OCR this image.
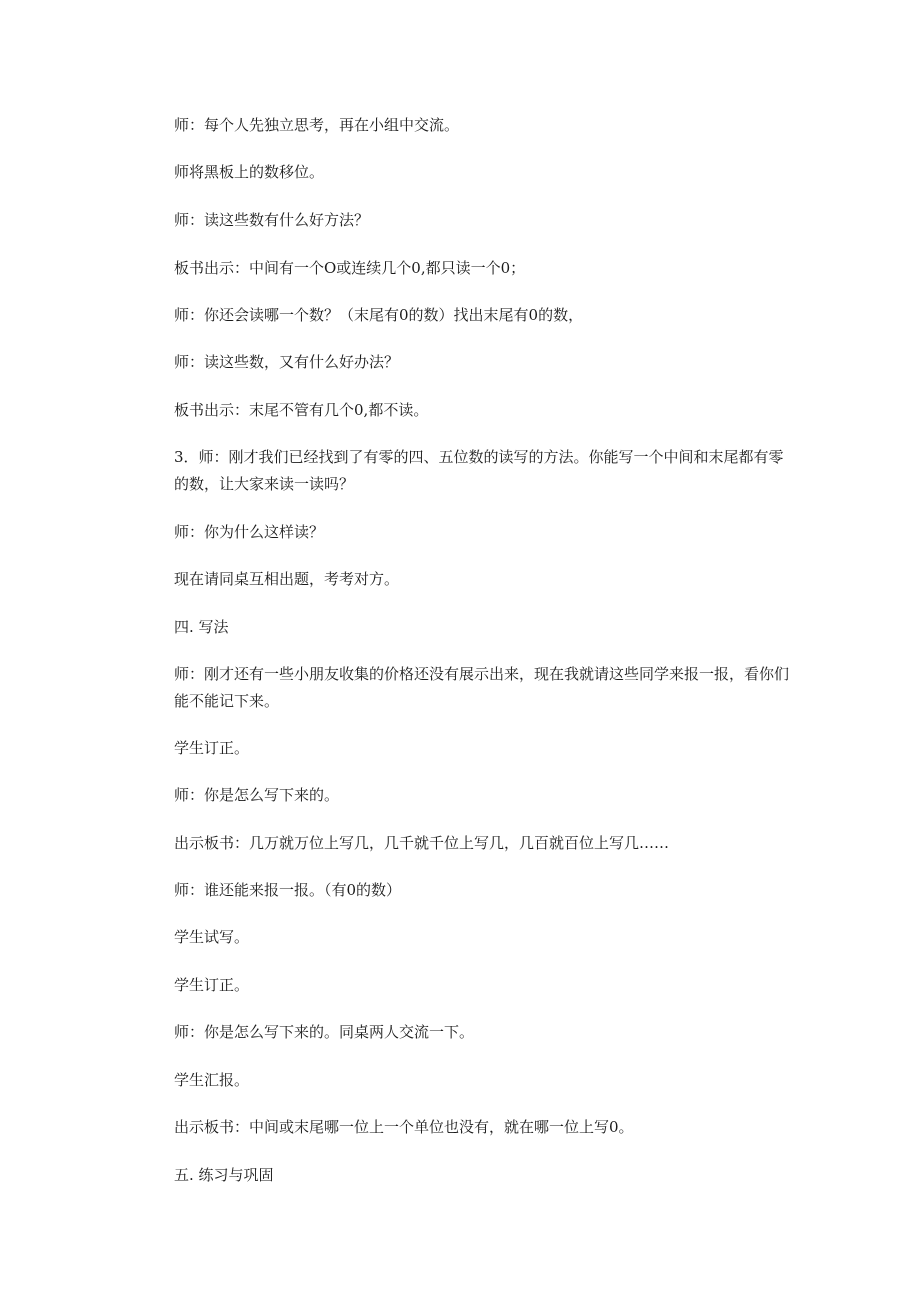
师：每个人先独立思考，再在小组中交流。

师将黑板上的数移位。

师：读这些数有什么好方法？

板书出示：中间有一个O或连续几个0,都只读一个0；

师：你还会读哪一个数？（末尾有0的数）找出末尾有0的数，

师：读这些数，又有什么好办法？

板书出示：末尾不管有几个0,都不读。

3．师：刚才我们已经找到了有零的四、五位数的读写的方法。你能写一个中间和末尾都有零的数，让大家来读一读吗？

师：你为什么这样读？

现在请同桌互相出题，考考对方。

四. 写法

师：刚才还有一些小朋友收集的价格还没有展示出来，现在我就请这些同学来报一报，看你们能不能记下来。

学生订正。

师：你是怎么写下来的。

出示板书：几万就万位上写几，几千就千位上写几，几百就百位上写几……

师：谁还能来报一报。（有0的数）

学生试写。

学生订正。

师：你是怎么写下来的。同桌两人交流一下。

学生汇报。

出示板书：中间或末尾哪一位上一个单位也没有，就在哪一位上写0。

五. 练习与巩固
